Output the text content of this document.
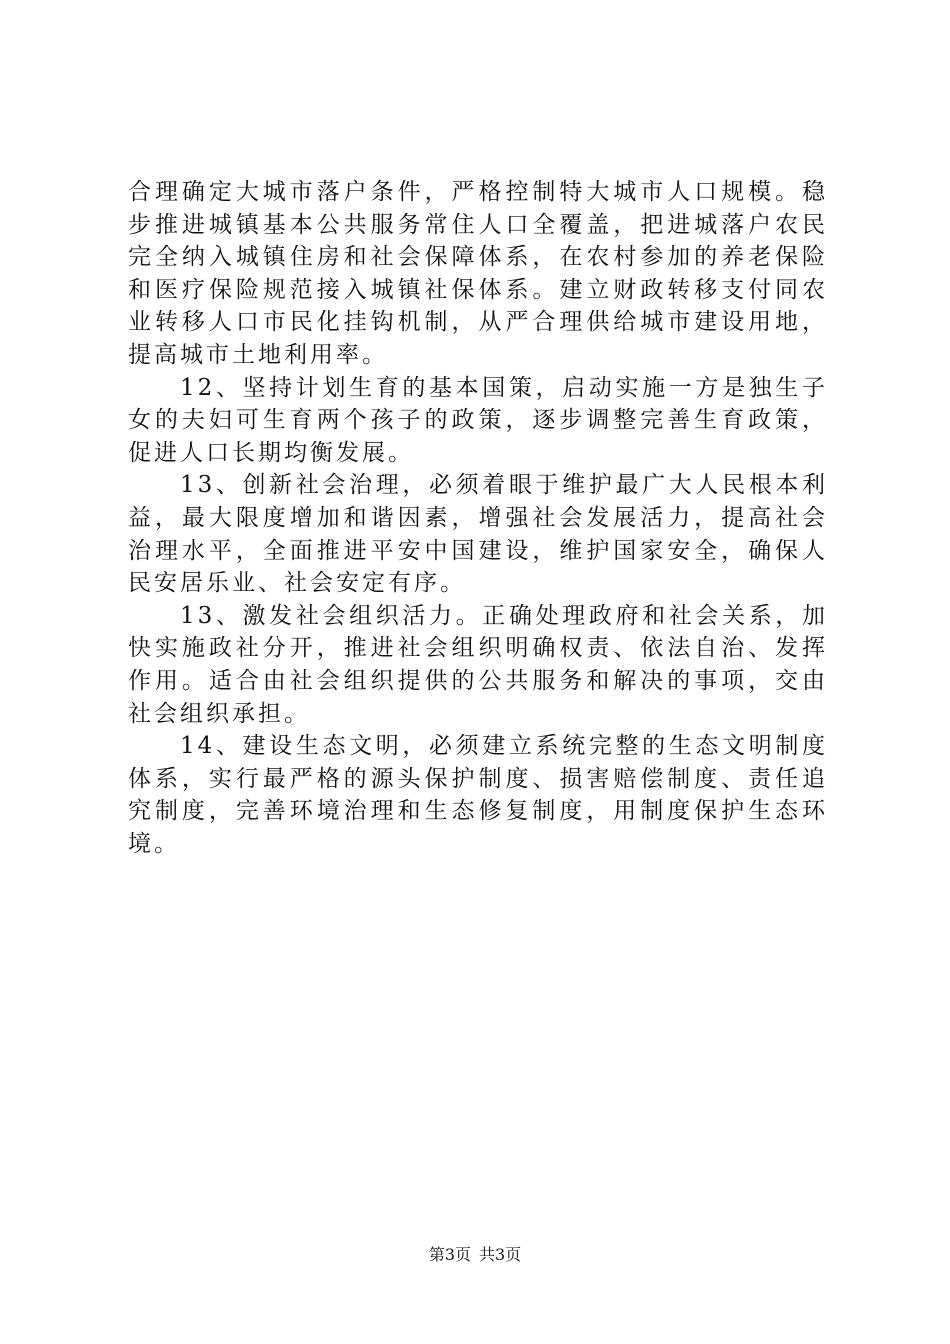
合理确定大城市落户条件，严格控制特大城市人口规模。稳步推进城镇基本公共服务常住人口全覆盖，把进城落户农民完全纳入城镇住房和社会保障体系，在农村参加的养老保险和医疗保险规范接入城镇社保体系。建立财政转移支付同农业转移人口市民化挂钩机制，从严合理供给城市建设用地，提高城市土地利用率。

12、坚持计划生育的基本国策，启动实施一方是独生子女的夫妇可生育两个孩子的政策，逐步调整完善生育政策，促进人口长期均衡发展。

13、创新社会治理，必须着眼于维护最广大人民根本利益，最大限度增加和谐因素，增强社会发展活力，提高社会治理水平，全面推进平安中国建设，维护国家安全，确保人民安居乐业、社会安定有序。

13、激发社会组织活力。正确处理政府和社会关系，加快实施政社分开，推进社会组织明确权责、依法自治、发挥作用。适合由社会组织提供的公共服务和解决的事项，交由社会组织承担。

14、建设生态文明，必须建立系统完整的生态文明制度体系，实行最严格的源头保护制度、损害赔偿制度、责任追究制度，完善环境治理和生态修复制度，用制度保护生态环境。

第3页 共3页
